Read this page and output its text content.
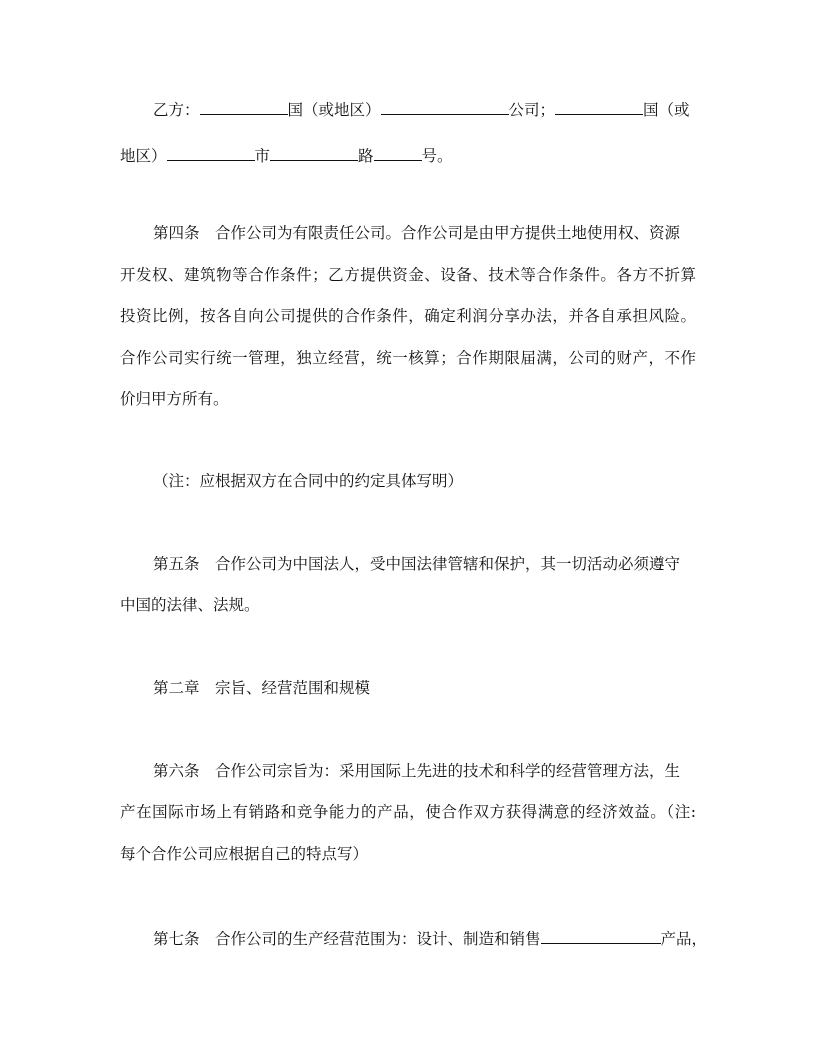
乙方：	国（或地区）	公司；	国（或
地区）	市	路	号。
第四条　合作公司为有限责任公司。合作公司是由甲方提供土地使用权、资源
开发权、建筑物等合作条件；乙方提供资金、设备、技术等合作条件。各方不折算
投资比例，按各自向公司提供的合作条件，确定利润分享办法，并各自承担风险。
合作公司实行统一管理，独立经营，统一核算；合作期限届满，公司的财产，不作
价归甲方所有。
（注：应根据双方在合同中的约定具体写明）
第五条　合作公司为中国法人，受中国法律管辖和保护，其一切活动必须遵守
中国的法律、法规。
第二章　宗旨、经营范围和规模
第六条　合作公司宗旨为：采用国际上先进的技术和科学的经营管理方法，生
产在国际市场上有销路和竞争能力的产品，使合作双方获得满意的经济效益。（注:
每个合作公司应根据自己的特点写）
第七条　合作公司的生产经营范围为：设计、制造和销售	产品，
